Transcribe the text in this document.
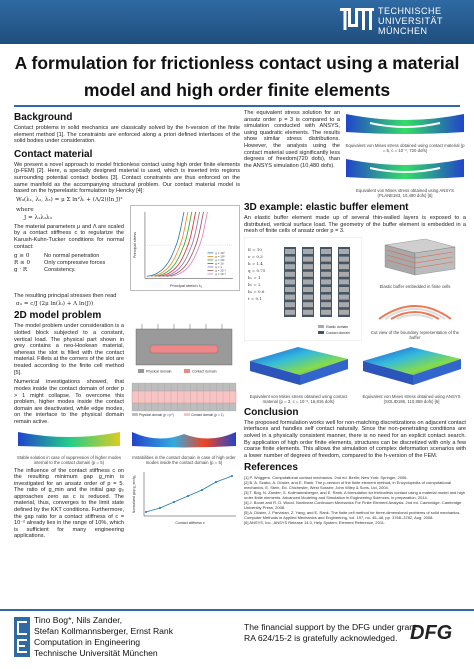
TECHNISCHE
UNIVERSITÄT
MÜNCHEN
A formulation for frictionless contact using a material
model and high order finite elements
Background

Contact problems in solid mechanics are classically solved by the h-version of the finite element method [1]. The constraints are enforced along a priori defined interfaces of the solid bodies under consideration.

Contact material

We present a novel approach to model frictionless contact using high order finite elements (p-FEM) [2]. Here, a specially designed material is used, which is inserted into regions surrounding potential contact bodies [3]. Contact constraints are thus enforced on the same manifold as the accompanying structural problem. Our contact material model is based on the hyperelastic formulation by Hencky [4]:

W₀(λ₁, λ₂, λ₃) = μ Σ ln²λᵢ + (Λ/2)(ln J)²
where
J = λ₁λ₂λ₃

The material parameters μ and Λ are scaled by a contact stiffness c to regularize the Karush-Kuhn-Tucker conditions for normal contact:

g ≥ 0	No normal penetration
R ≤ 0	Only compressive forces
g · R	Consistency.
g = 10⁴
g = 10³
g = 10²
g = 10
g = 1
g = 10⁻¹
g = 10⁻²
Principal stretch λ₁
Principal stress

The resulting principal stresses then read

σᵢᵢ = c/J (2μ ln(λᵢ) + Λ ln(J))
2D model problem

The model problem under consideration is a slotted block subjected to a constant, vertical load. The physical part shown in grey contains a neo-Hookean material, whereas the slot is filled with the contact material. Fillets at the corners of the slot are treated according to the finite cell method [5].	Physical domain	Contact domain

Numerical investigations showed, that modes inside the contact domain of order p > 1 might collapse. To overcome this problem, higher modes inside the contact domain are deactivated, while edge modes, on the interface to the physical domain remain active.

Physical domain (p = p*)	Contact domain (p = 1)
Stable solution in case of suppression of higher modes internal to the contact domain (p = 5)
Instabilities in the contact domain in case of high order modes inside the contact domain (p = 5)

The influence of the contact stiffness c on the resulting minimum gap g_min is investigated for an ansatz order of p = 5. The ratio of g_min and the initial gap g₀ approaches zero as c is reduced. The material, thus, converges to the limit state defined by the KKT conditions. Furthermore, the gap ratio for a contact stiffness of c = 10⁻² already lies in the range of 10%, which is sufficient for many engineering applications.

Contact stiffness c
Normalized gap g_min/g₀

The equivalent stress solution for an ansatz order p = 3 is compared to a simulation conducted with ANSYS, using quadratic elements. The results show similar stress distributions. However, the analysis using the contact material used significantly less degrees of freedom(720 dofs), than the ANSYS simulation (10,480 dofs).

Equivalent von Mises stress obtained using contact material (p = 5, c = 10⁻², 720 dofs)
Equivalent von Mises stress obtained using ANSYS (PLANE183, 10,480 dofs) [6]
3D example: elastic buffer element

An elastic buffer element made up of several thin-walled layers is exposed to a distributed, vertical surface load. The geometry of the buffer element is embedded in a mesh of finite cells of ansatz order p = 3.

E = 10
ν = 0.3
h = 1.4
q = 0.75
b₁ = 1
b₂ = 2
b₃ = 0.6
t = 0.1
Elastic domain
Contact domain
Elastic buffer embedded in finite cells
Cut view of the boundary representation of the buffer
Equivalent von Mises stress obtained using contact material (p = 3, c = 10⁻², 16,816 dofs)
Equivalent von Mises stress obtained using ANSYS (SOLID186, 110,859 dofs) [6]
Conclusion

The proposed formulation works well for non-matching discretizations on adjacent contact interfaces and handles self contact naturally. Since the non-penetrating conditions are solved in a physically consistent manner, there is no need for an explicit contact search. By application of high order finite elements, structures can be discretized with only a few coarse finite elements. This allows the simulation of complex deformation scenarios with a lower number of degrees of freedom, compared to the h-version of the FEM.

References
[1] P. Wriggers. Computational contact mechanics. 2nd ed. Berlin; New York: Springer, 2006.
[2] B. A. Szabó, A. Düster, and E. Rank. The p-version of the finite element method, in Encyclopedia of computational mechanics, E. Stein, Ed. Chichester, West Sussex: John Wiley & Sons, Ltd, 2004.
[3] T. Bog, N. Zander, S. Kollmannsberger, and E. Rank. A formulation for frictionless contact using a material model and high order finite elements. Advanced Modeling and Simulation in Engineering Sciences, in preparation, 2014.
[4] J. Bonet and R. D. Wood. Nonlinear Continuum Mechanics For Finite Element Analysis. 2nd ed. Cambridge: Cambridge University Press, 2008.
[5] A. Düster, J. Parvizian, Z. Yang, and E. Rank. The finite cell method for three-dimensional problems of solid mechanics. Computer Methods in Applied Mechanics and Engineering, vol. 197, no. 45–48, pp. 3768–3782, Aug. 2008.
[6] ANSYS, Inc., ANSYS Release 14.0, Help System, Element Reference, 2011.
Tino Bog*, Nils Zander,
Stefan Kollmannsberger, Ernst Rank
Computation in Engineering
Technische Universität München
The financial support by the DFG under grant
RA 624/15-2 is gratefully acknowledged. DFG
